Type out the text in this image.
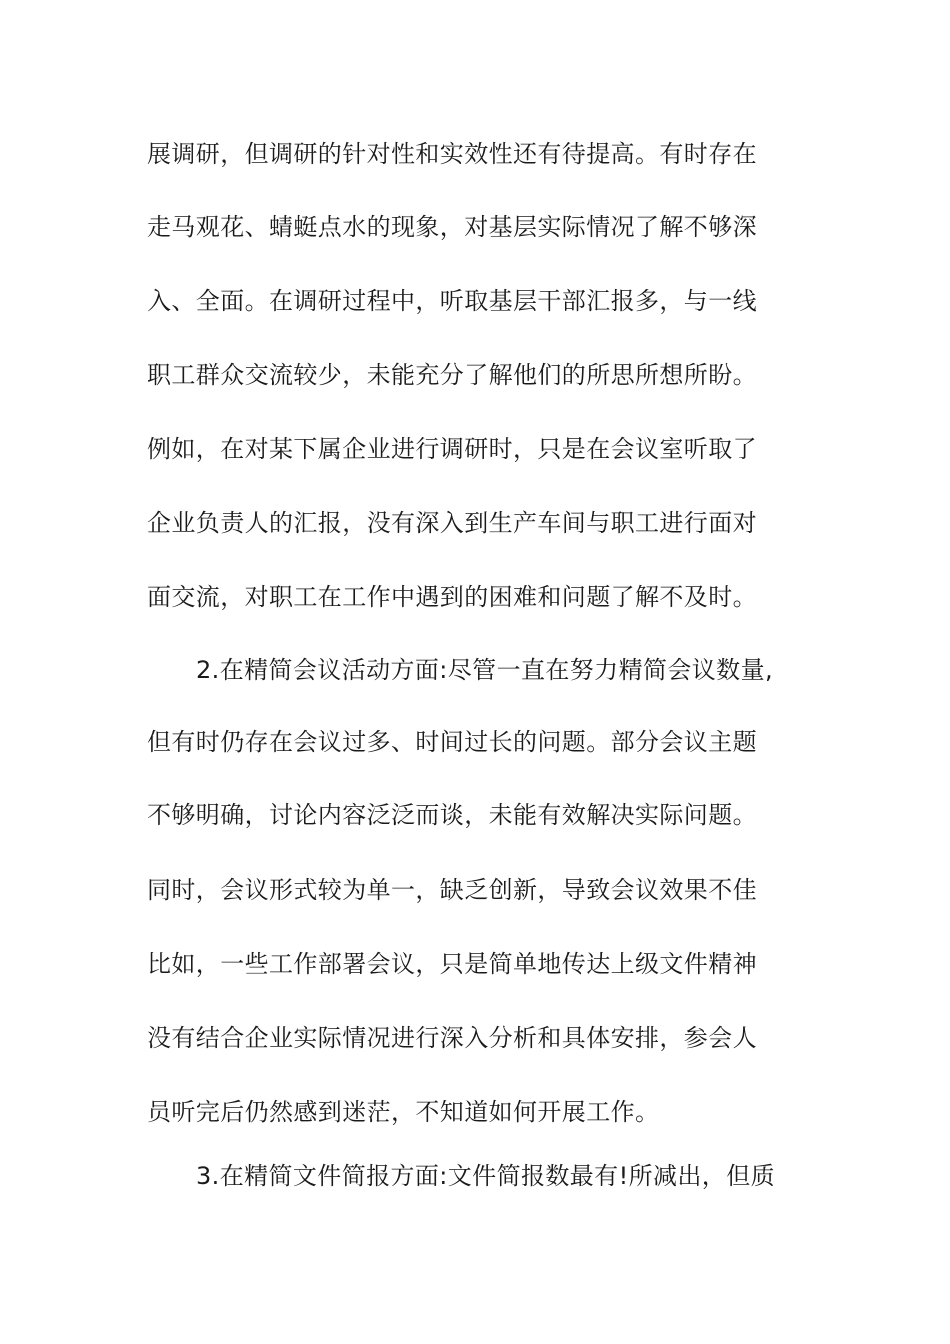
展调研，但调研的针对性和实效性还有待提高。有时存在
走马观花、蜻蜓点水的现象，对基层实际情况了解不够深
入、全面。在调研过程中，听取基层干部汇报多，与一线
职工群众交流较少，未能充分了解他们的所思所想所盼。
例如，在对某下属企业进行调研时，只是在会议室听取了
企业负责人的汇报，没有深入到生产车间与职工进行面对
面交流，对职工在工作中遇到的困难和问题了解不及时。
2.在精简会议活动方面:尽管一直在努力精简会议数量,
但有时仍存在会议过多、时间过长的问题。部分会议主题
不够明确，讨论内容泛泛而谈，未能有效解决实际问题。
同时，会议形式较为单一，缺乏创新，导致会议效果不佳
比如，一些工作部署会议，只是简单地传达上级文件精神
没有结合企业实际情况进行深入分析和具体安排，参会人
员听完后仍然感到迷茫，不知道如何开展工作。
3.在精简文件简报方面:文件简报数最有!所减出，但质
